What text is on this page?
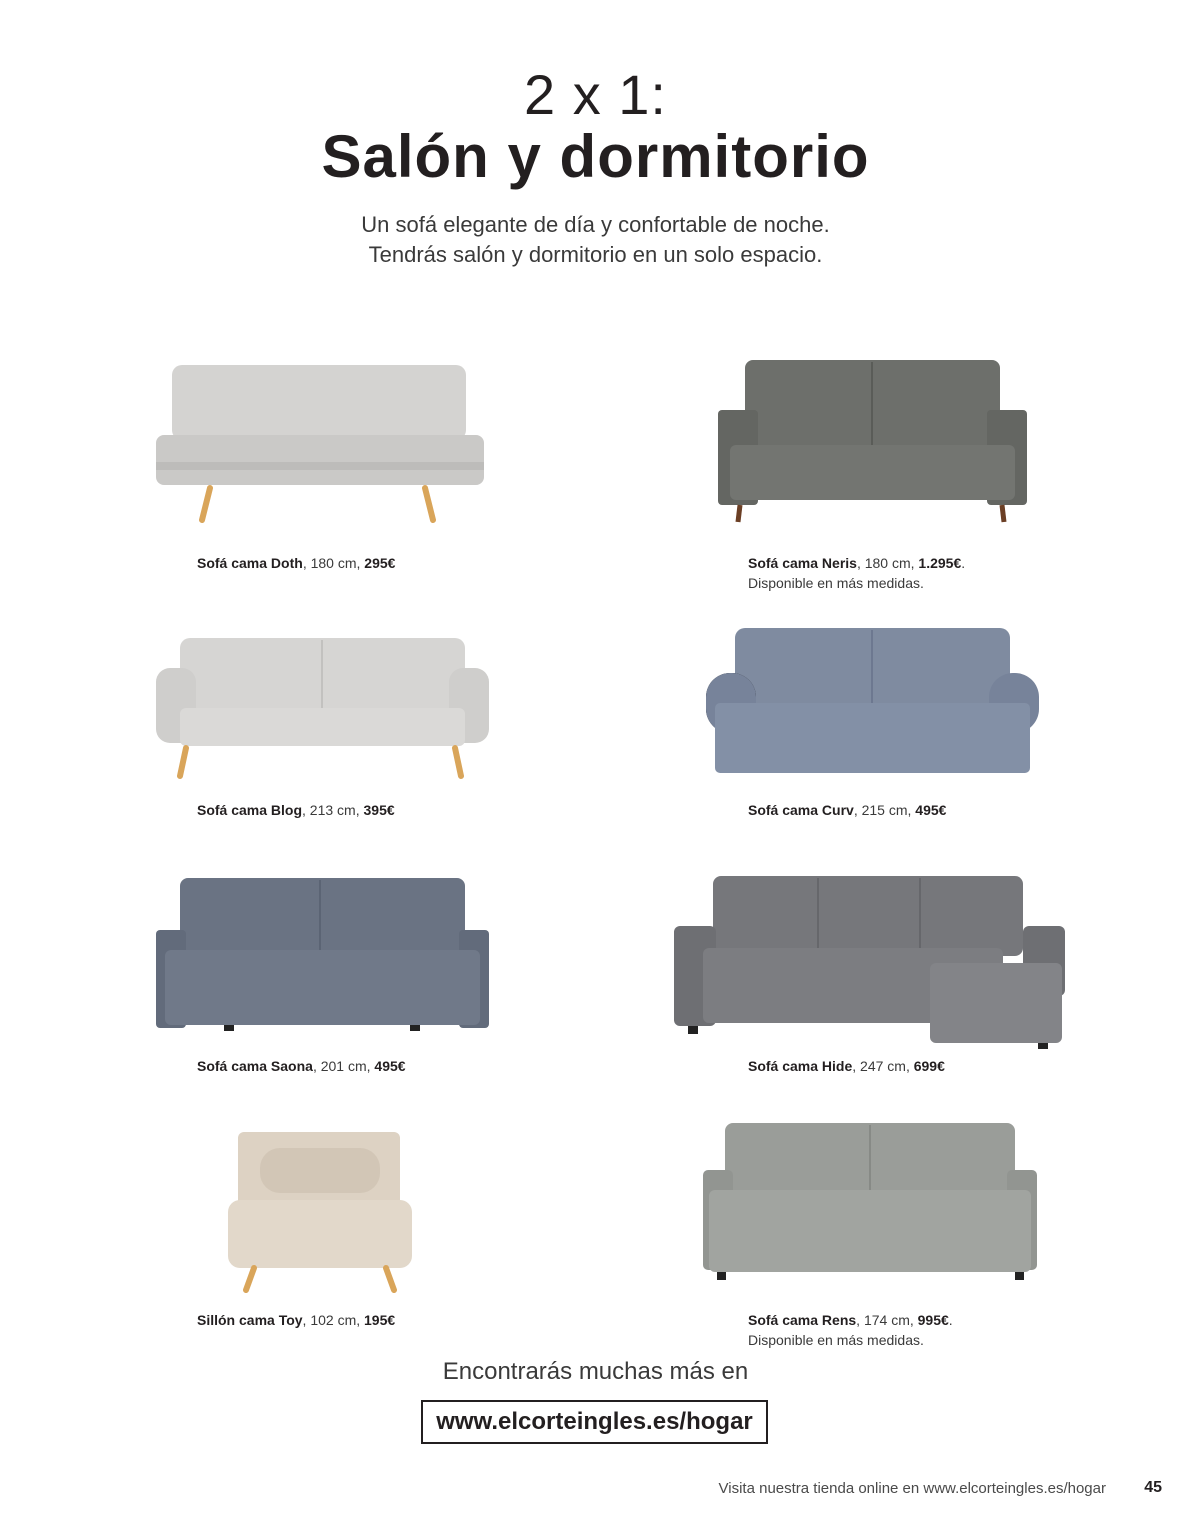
2 x 1:
Salón y dormitorio
Un sofá elegante de día y confortable de noche.
Tendrás salón y dormitorio en un solo espacio.
Sofá cama Doth, 180 cm, 295€	Sofá cama Neris, 180 cm, 1.295€.
Disponible en más medidas.
Sofá cama Blog, 213 cm, 395€	Sofá cama Curv, 215 cm, 495€
Sofá cama Saona, 201 cm, 495€	Sofá cama Hide, 247 cm, 699€
Sillón cama Toy, 102 cm, 195€	Sofá cama Rens, 174 cm, 995€.
Disponible en más medidas.
Encontrarás muchas más en
www.elcorteingles.es/hogar
Visita nuestra tienda online en www.elcorteingles.es/hogar	45
